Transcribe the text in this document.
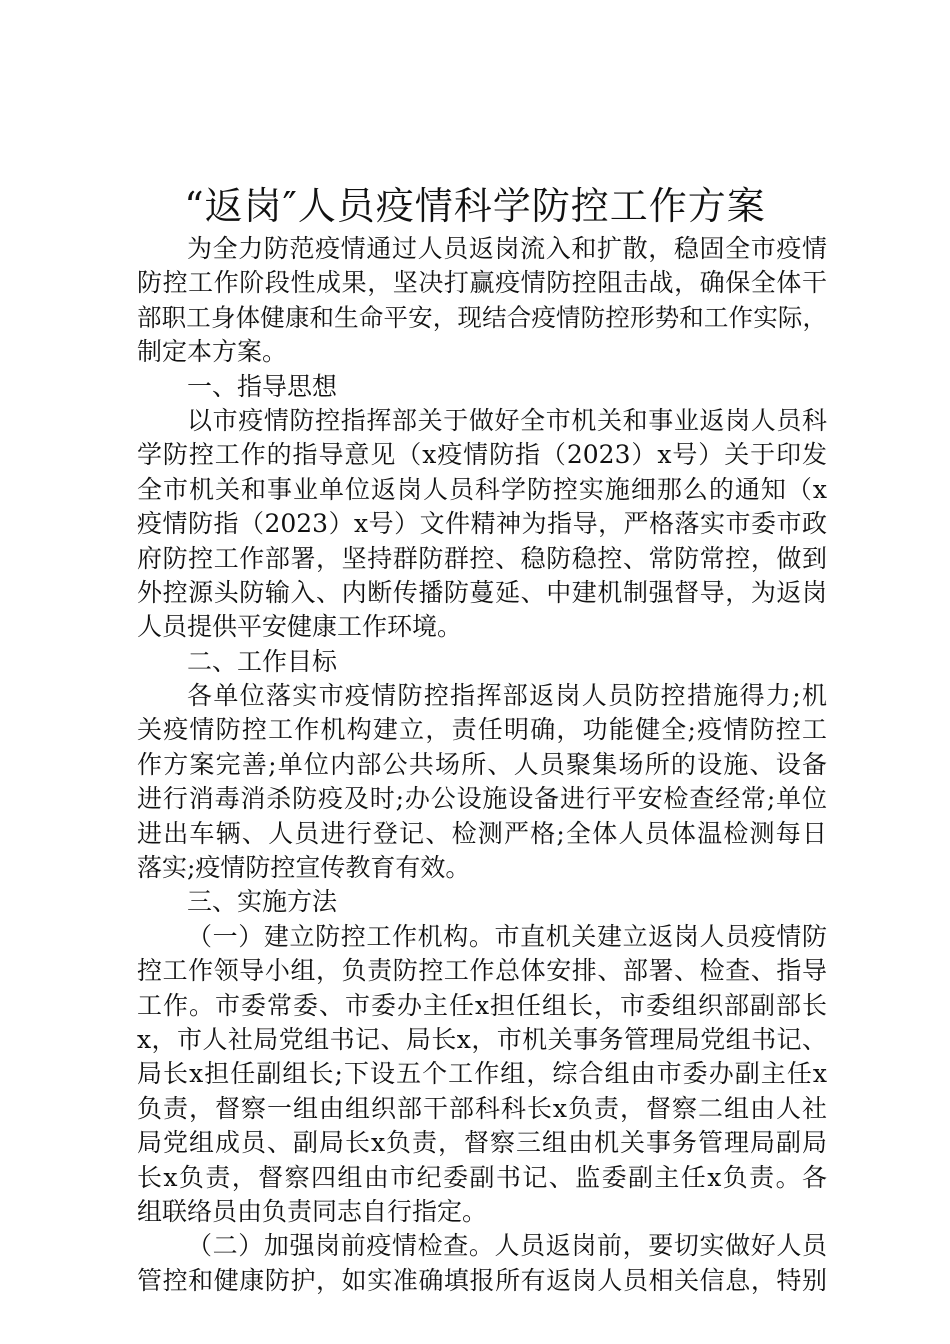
“返岗″人员疫情科学防控工作方案
为全力防范疫情通过人员返岗流入和扩散，稳固全市疫情
防控工作阶段性成果，坚决打赢疫情防控阻击战，确保全体干
部职工身体健康和生命平安，现结合疫情防控形势和工作实际，
制定本方案。
一、指导思想
以市疫情防控指挥部关于做好全市机关和事业返岗人员科
学防控工作的指导意见（x疫情防指（2023）x号）关于印发
全市机关和事业单位返岗人员科学防控实施细那么的通知（x
疫情防指（2023）x号）文件精神为指导，严格落实市委市政
府防控工作部署，坚持群防群控、稳防稳控、常防常控，做到
外控源头防输入、内断传播防蔓延、中建机制强督导，为返岗
人员提供平安健康工作环境。
二、工作目标
各单位落实市疫情防控指挥部返岗人员防控措施得力;机
关疫情防控工作机构建立，责任明确，功能健全;疫情防控工
作方案完善;单位内部公共场所、人员聚集场所的设施、设备
进行消毒消杀防疫及时;办公设施设备进行平安检查经常;单位
进出车辆、人员进行登记、检测严格;全体人员体温检测每日
落实;疫情防控宣传教育有效。
三、实施方法
（一）建立防控工作机构。市直机关建立返岗人员疫情防
控工作领导小组，负责防控工作总体安排、部署、检查、指导
工作。市委常委、市委办主任x担任组长，市委组织部副部长
x，市人社局党组书记、局长x，市机关事务管理局党组书记、
局长x担任副组长;下设五个工作组，综合组由市委办副主任x
负责，督察一组由组织部干部科科长x负责，督察二组由人社
局党组成员、副局长x负责，督察三组由机关事务管理局副局
长x负责，督察四组由市纪委副书记、监委副主任x负责。各
组联络员由负责同志自行指定。
（二）加强岗前疫情检查。人员返岗前，要切实做好人员
管控和健康防护，如实准确填报所有返岗人员相关信息，特别
